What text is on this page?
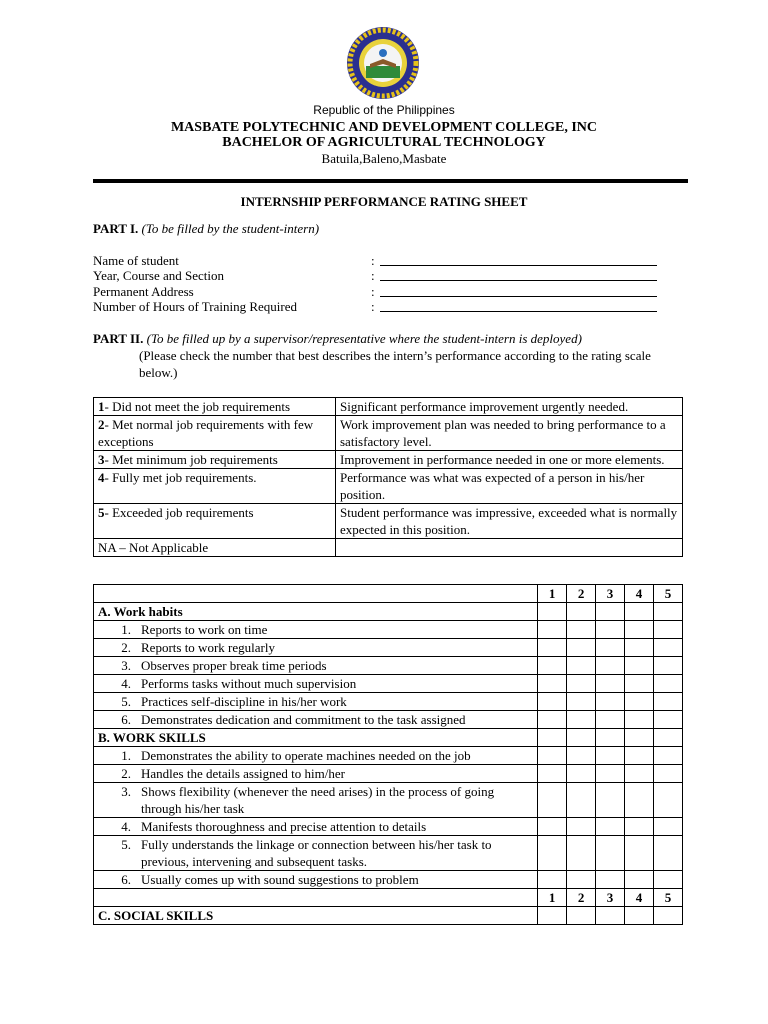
Republic of the Philippines
MASBATE POLYTECHNIC AND DEVELOPMENT COLLEGE, INC
BACHELOR OF AGRICULTURAL TECHNOLOGY
Batuila,Baleno,Masbate
INTERNSHIP PERFORMANCE RATING SHEET
PART I. (To be filled by the student-intern)
Name of student	:
Year, Course and Section	:
Permanent Address	:
Number of Hours of Training Required	:
PART II. (To be filled up by a supervisor/representative where the student-intern is deployed)
(Please check the number that best describes the intern’s performance according to the rating scale below.)
1- Did not meet the job requirements	Significant performance improvement urgently needed.
2- Met normal job requirements with few exceptions	Work improvement plan was needed to bring performance to a satisfactory level.
3- Met minimum job requirements	Improvement in performance needed in one or more elements.
4- Fully met job requirements.	Performance was what was expected of a person in his/her position.
5- Exceeded job requirements	Student performance was impressive, exceeded what is normally expected in this position.
NA – Not Applicable	
	1	2	3	4	5
A. Work habits					

1. Reports to work on time					

2. Reports to work regularly					

3. Observes proper break time periods					

4. Performs tasks without much supervision					

5. Practices self-discipline in his/her work					

6. Demonstrates dedication and commitment to the task assigned					

B. WORK SKILLS					

1. Demonstrates the ability to operate machines needed on the job					

2. Handles the details assigned to him/her					

3. Shows flexibility (whenever the need arises) in the process of going through his/her task					

4. Manifests thoroughness and precise attention to details					

5. Fully understands the linkage or connection between his/her task to previous, intervening and subsequent tasks.					

6. Usually comes up with sound suggestions to problem					

	1	2	3	4	5
C. SOCIAL SKILLS					
